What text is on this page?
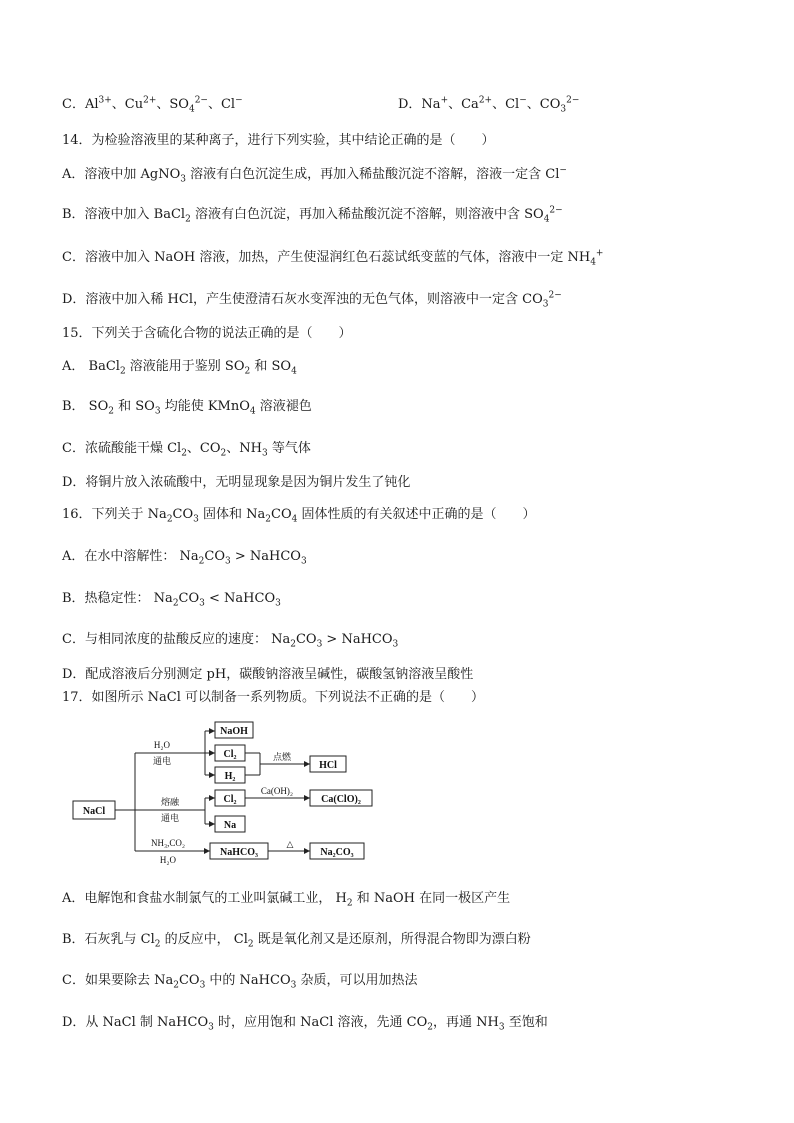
C．$Al^{3+}$、$Cu^{2+}$、$SO_4^{2-}$、Cl−	D．Na+、$Ca^{2+}$、Cl−、$CO_3^{2-}$
14．为检验溶液里的某种离子，进行下列实验，其中结论正确的是（　　）
A．溶液中加 AgNO$_3$ 溶液有白色沉淀生成，再加入稀盐酸沉淀不溶解，溶液一定含 Cl−
B．溶液中加入 BaCl$_2$ 溶液有白色沉淀，再加入稀盐酸沉淀不溶解，则溶液中含 $SO_4^{2-}$
C．溶液中加入 NaOH 溶液，加热，产生使湿润红色石蕊试纸变蓝的气体，溶液中一定 $NH_4^+$
D．溶液中加入稀 HCl，产生使澄清石灰水变浑浊的无色气体，则溶液中一定含 $CO_3^{2-}$
15．下列关于含硫化合物的说法正确的是（　　）
A． BaCl$_2$ 溶液能用于鉴别 $SO_2$ 和 $SO_4$
B． $SO_2$ 和 $SO_3$ 均能使 KMnO$_4$ 溶液褪色
C．浓硫酸能干燥 $Cl_2$、$CO_2$、$NH_3$ 等气体
D．将铜片放入浓硫酸中，无明显现象是因为铜片发生了钝化
16．下列关于 $Na_2CO_3$ 固体和 $Na_2CO_4$ 固体性质的有关叙述中正确的是（　　）
A．在水中溶解性： $Na_2CO_3$ > NaHCO$_3$
B．热稳定性： $Na_2CO_3$ < NaHCO$_3$
C．与相同浓度的盐酸反应的速度： $Na_2CO_3$ > NaHCO$_3$
D．配成溶液后分别测定 pH，碳酸钠溶液呈碱性，碳酸氢钠溶液呈酸性
17．如图所示 NaCl 可以制备一系列物质。下列说法不正确的是（　　）
NaCl
NaOH
Cl₂
H₂
HCl
Cl₂
Na
Ca(ClO)₂
NaHCO₃	Na₂CO₃
H₂O
通电	点燃
熔融
通电
Ca(OH)₂
NH₃,CO₂
H₂O
△
A．电解饱和食盐水制氯气的工业叫氯碱工业， $H_2$ 和 NaOH 在同一极区产生
B．石灰乳与 $Cl_2$ 的反应中， $Cl_2$ 既是氧化剂又是还原剂，所得混合物即为漂白粉
C．如果要除去 $Na_2CO_3$ 中的 NaHCO$_3$ 杂质，可以用加热法
D．从 NaCl 制 NaHCO$_3$ 时，应用饱和 NaCl 溶液，先通 $CO_2$，再通 $NH_3$ 至饱和
